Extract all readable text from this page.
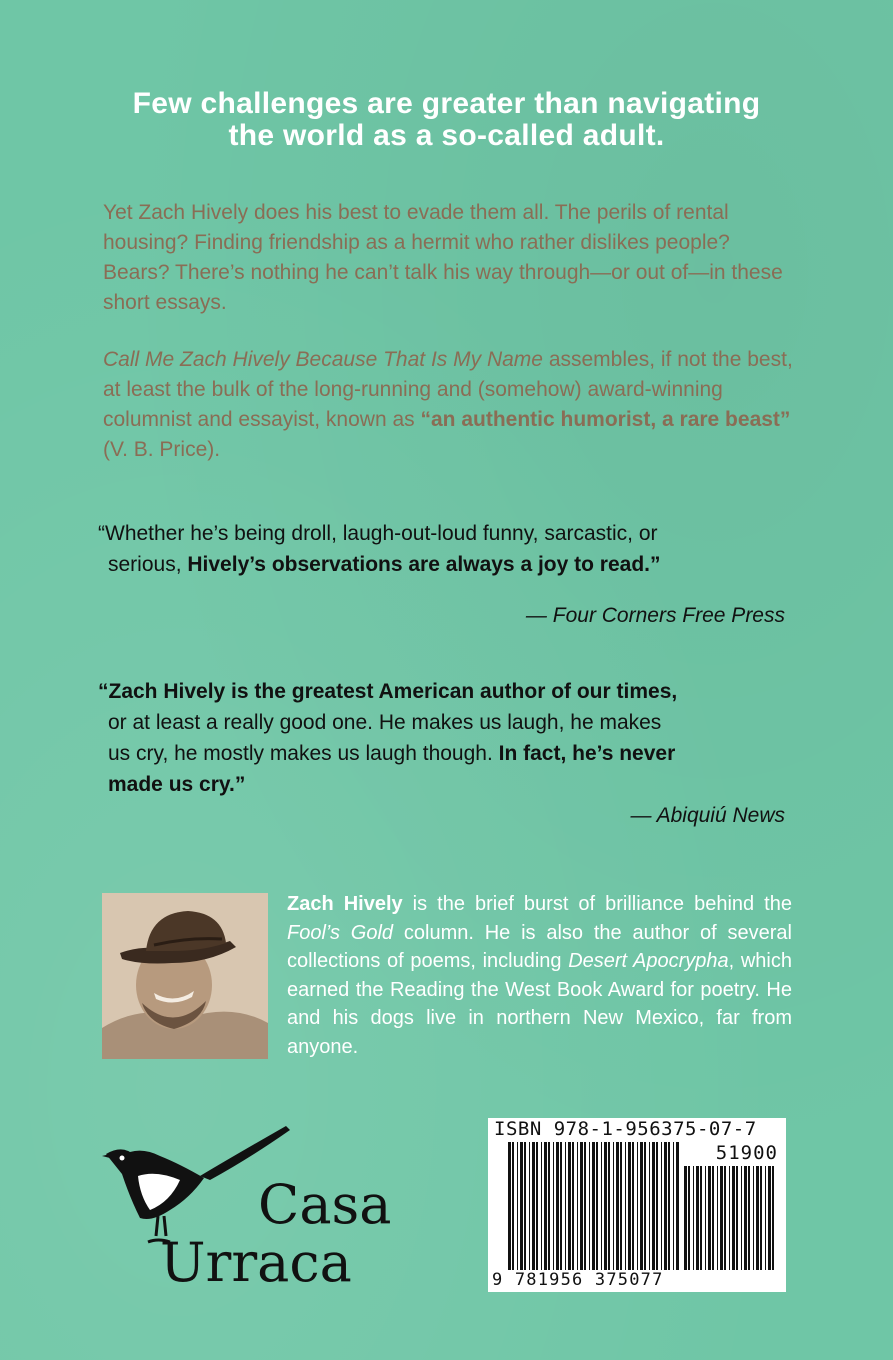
Few challenges are greater than navigating
the world as a so-called adult.

Yet Zach Hively does his best to evade them all. The perils of rental housing? Finding friendship as a hermit who rather dislikes people? Bears? There’s nothing he can’t talk his way through—or out of—in these short essays.

Call Me Zach Hively Because That Is My Name assembles, if not the best, at least the bulk of the long-running and (somehow) award-winning columnist and essayist, known as “an authentic humorist, a rare beast” (V. B. Price).

“Whether he’s being droll, laugh-out-loud funny, sarcastic, or
serious, Hively’s observations are always a joy to read.”
— Four Corners Free Press
“Zach Hively is the greatest American author of our times,
or at least a really good one. He makes us laugh, he makes
us cry, he mostly makes us laugh though. In fact, he’s never
made us cry.”
— Abiquiú News
Zach Hively is the brief burst of brilliance behind the Fool’s Gold column. He is also the author of several collections of poems, including Desert Apocrypha, which earned the Reading the West Book Award for poetry. He and his dogs live in northern New Mexico, far from anyone.
Casa
Urraca
ISBN 978-1-956375-07-7
51900
9 781956 375077
